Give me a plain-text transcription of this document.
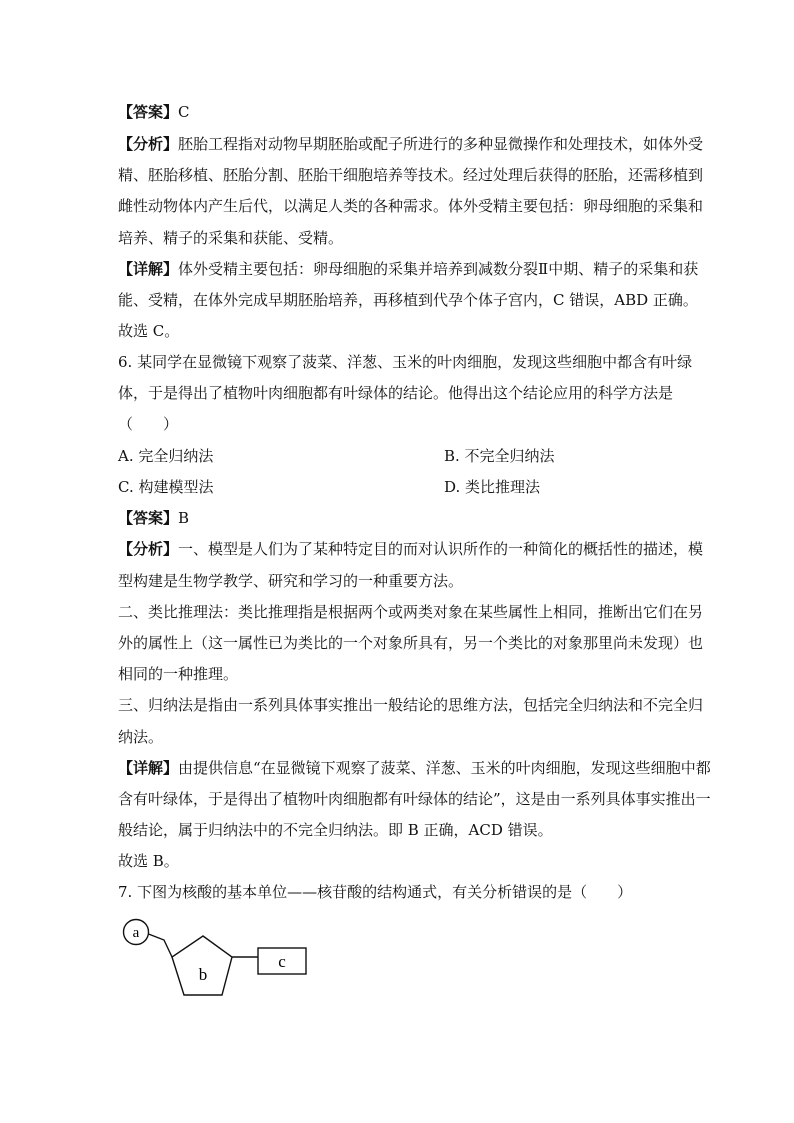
【答案】C
【分析】胚胎工程指对动物早期胚胎或配子所进行的多种显微操作和处理技术，如体外受
精、胚胎移植、胚胎分割、胚胎干细胞培养等技术。经过处理后获得的胚胎，还需移植到
雌性动物体内产生后代，以满足人类的各种需求。体外受精主要包括：卵母细胞的采集和
培养、精子的采集和获能、受精。
【详解】体外受精主要包括：卵母细胞的采集并培养到减数分裂Ⅱ中期、精子的采集和获
能、受精，在体外完成早期胚胎培养，再移植到代孕个体子宫内，C 错误，ABD 正确。
故选 C。
6. 某同学在显微镜下观察了菠菜、洋葱、玉米的叶肉细胞，发现这些细胞中都含有叶绿
体，于是得出了植物叶肉细胞都有叶绿体的结论。他得出这个结论应用的科学方法是
（　　）
A. 完全归纳法	B. 不完全归纳法
C. 构建模型法	D. 类比推理法
【答案】B
【分析】一、模型是人们为了某种特定目的而对认识所作的一种简化的概括性的描述，模
型构建是生物学教学、研究和学习的一种重要方法。
二、类比推理法：类比推理指是根据两个或两类对象在某些属性上相同，推断出它们在另
外的属性上（这一属性已为类比的一个对象所具有，另一个类比的对象那里尚未发现）也
相同的一种推理。
三、归纳法是指由一系列具体事实推出一般结论的思维方法，包括完全归纳法和不完全归
纳法。
【详解】由提供信息“在显微镜下观察了菠菜、洋葱、玉米的叶肉细胞，发现这些细胞中都
含有叶绿体，于是得出了植物叶肉细胞都有叶绿体的结论”，这是由一系列具体事实推出一
般结论，属于归纳法中的不完全归纳法。即 B 正确，ACD 错误。
故选 B。
7. 下图为核酸的基本单位——核苷酸的结构通式，有关分析错误的是（　　）
a
b
c
